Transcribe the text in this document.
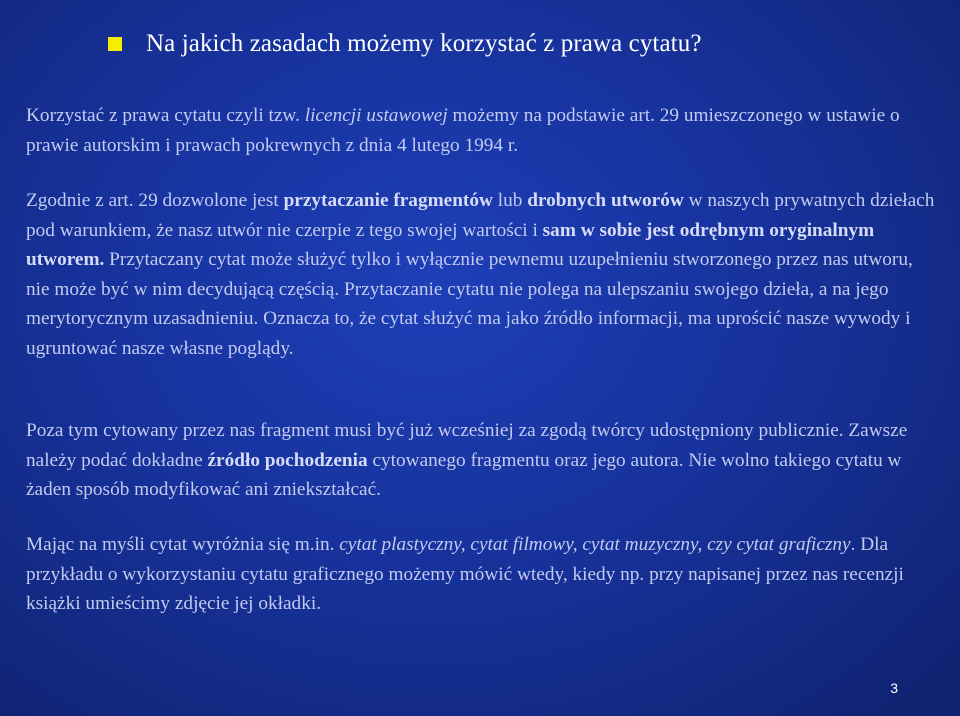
Na jakich zasadach możemy korzystać z prawa cytatu?
Korzystać z prawa cytatu czyli tzw. licencji ustawowej możemy na podstawie art. 29 umieszczonego w ustawie o prawie autorskim i prawach pokrewnych z dnia 4 lutego 1994 r.
Zgodnie z art. 29 dozwolone jest przytaczanie fragmentów lub drobnych utworów w naszych prywatnych dziełach pod warunkiem, że nasz utwór nie czerpie z tego swojej wartości i sam w sobie jest odrębnym oryginalnym utworem. Przytaczany cytat może służyć tylko i wyłącznie pewnemu uzupełnieniu stworzonego przez nas utworu, nie może być w nim decydującą częścią. Przytaczanie cytatu nie polega na ulepszaniu swojego dzieła, a na jego merytorycznym uzasadnieniu. Oznacza to, że cytat służyć ma jako źródło informacji, ma uprościć nasze wywody i ugruntować nasze własne poglądy.
Poza tym cytowany przez nas fragment musi być już wcześniej za zgodą twórcy udostępniony publicznie. Zawsze należy podać dokładne źródło pochodzenia cytowanego fragmentu oraz jego autora. Nie wolno takiego cytatu w żaden sposób modyfikować ani zniekształcać.
Mając na myśli cytat wyróżnia się m.in. cytat plastyczny, cytat filmowy, cytat muzyczny, czy cytat graficzny. Dla przykładu o wykorzystaniu cytatu graficznego możemy mówić wtedy, kiedy np. przy napisanej przez nas recenzji książki umieścimy zdjęcie jej okładki.
3
